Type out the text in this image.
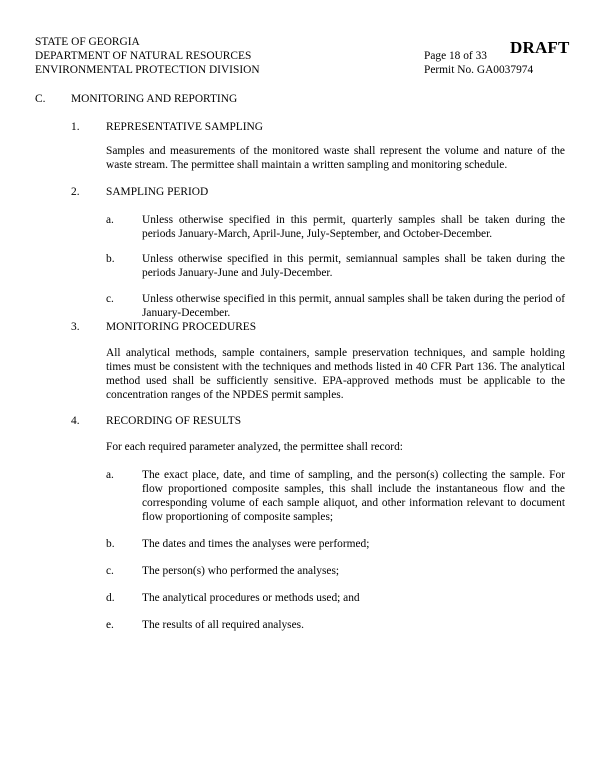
STATE OF GEORGIA
DEPARTMENT OF NATURAL RESOURCES
ENVIRONMENTAL PROTECTION DIVISION
Page 18 of 33
Permit No. GA0037974
DRAFT
C. MONITORING AND REPORTING
1. REPRESENTATIVE SAMPLING

Samples and measurements of the monitored waste shall represent the volume and nature of the waste stream. The permittee shall maintain a written sampling and monitoring schedule.

2. SAMPLING PERIOD
a. Unless otherwise specified in this permit, quarterly samples shall be taken during the periods January-March, April-June, July-September, and October-December.

b. Unless otherwise specified in this permit, semiannual samples shall be taken during the periods January-June and July-December.

c. Unless otherwise specified in this permit, annual samples shall be taken during the period of January-December.

3. MONITORING PROCEDURES

All analytical methods, sample containers, sample preservation techniques, and sample holding times must be consistent with the techniques and methods listed in 40 CFR Part 136. The analytical method used shall be sufficiently sensitive. EPA-approved methods must be applicable to the concentration ranges of the NPDES permit samples.

4. RECORDING OF RESULTS
For each required parameter analyzed, the permittee shall record:
a. The exact place, date, and time of sampling, and the person(s) collecting the sample. For flow proportioned composite samples, this shall include the instantaneous flow and the corresponding volume of each sample aliquot, and other information relevant to document flow proportioning of composite samples;

b. The dates and times the analyses were performed;
c. The person(s) who performed the analyses;
d. The analytical procedures or methods used; and
e. The results of all required analyses.
